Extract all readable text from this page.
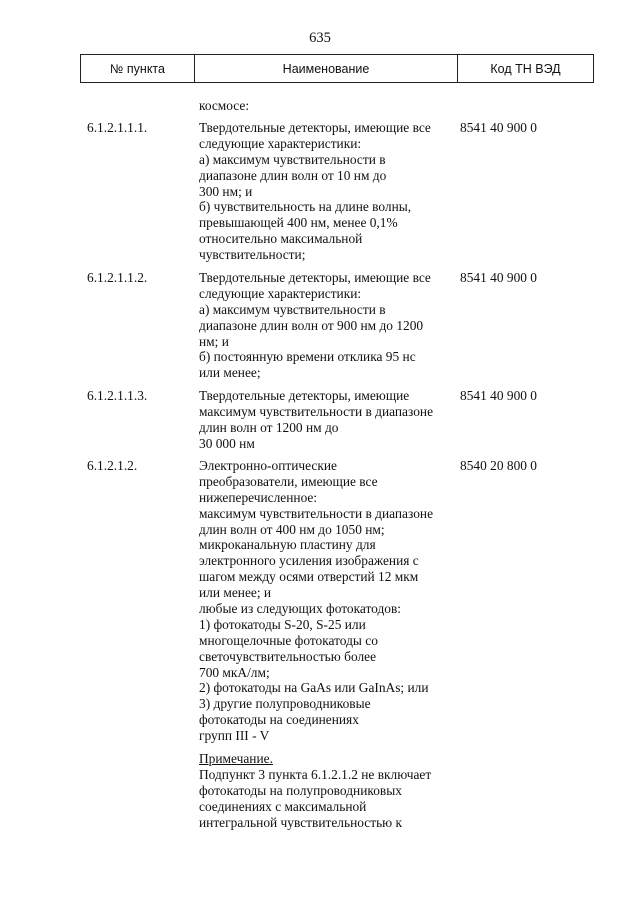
635
№ пункта	Наименование	Код ТН ВЭД
космосе:
6.1.2.1.1.1.	Твердотельные детекторы, имеющие все
следующие характеристики:
а) максимум чувствительности в
диапазоне длин волн от 10 нм до
300 нм; и
б) чувствительность на длине волны,
превышающей 400 нм, менее 0,1%
относительно максимальной
чувствительности;
8541 40 900 0
6.1.2.1.1.2.	Твердотельные детекторы, имеющие все
следующие характеристики:
а) максимум чувствительности в
диапазоне длин волн от 900 нм до 1200
нм; и
б) постоянную времени отклика 95 нс
или менее;
8541 40 900 0
6.1.2.1.1.3.	Твердотельные детекторы, имеющие
максимум чувствительности в диапазоне
длин волн от 1200 нм до
30 000 нм
8541 40 900 0
6.1.2.1.2.	Электронно-оптические
преобразователи, имеющие все
нижеперечисленное:
максимум чувствительности в диапазоне
длин волн от 400 нм до 1050 нм;
микроканальную пластину для
электронного усиления изображения с
шагом между осями отверстий 12 мкм
или менее; и
любые из следующих фотокатодов:
1) фотокатоды S-20, S-25 или
многощелочные фотокатоды со
светочувствительностью более
700 мкА/лм;
2) фотокатоды на GaAs или GaInAs; или
3) другие полупроводниковые
фотокатоды на соединениях
групп III - V
8540 20 800 0
Примечание.
Подпункт 3 пункта 6.1.2.1.2 не включает
фотокатоды на полупроводниковых
соединениях с максимальной
интегральной чувствительностью к
